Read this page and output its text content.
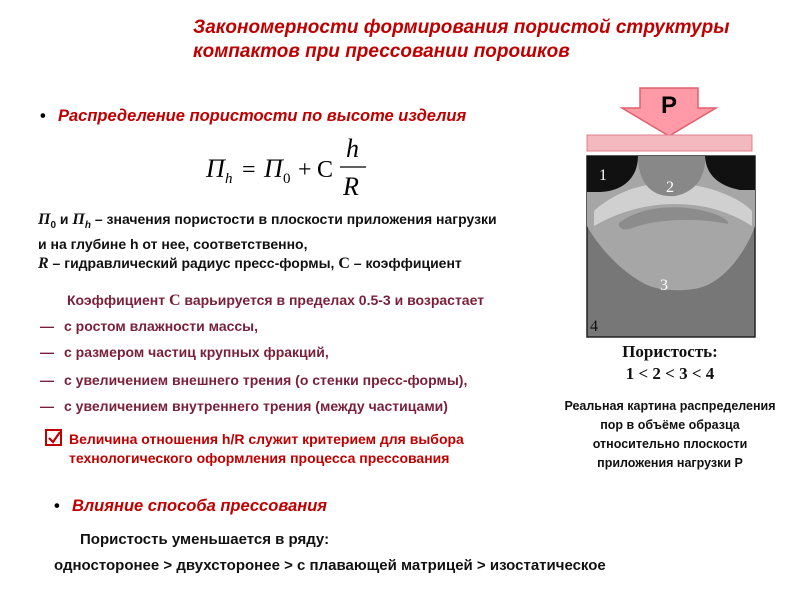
Закономерности формирования пористой структуры
компактов при прессовании порошков
• Распределение пористости по высоте изделия
Π h = Π 0 + C
h
R
$\Pi_0$ и $\Pi_h$ – значения пористости в плоскости приложения нагрузки
и на глубине h от нее, соответственно,
R – гидравлический радиус пресс-формы, C – коэффициент
Коэффициент C варьируется в пределах 0.5-3 и возрастает
— с ростом влажности массы,
— с размером частиц крупных фракций,
— с увеличением внешнего трения (о стенки пресс-формы),
— с увеличением внутреннего трения (между частицами)
Величина отношения h/R служит критерием для выбора
технологического оформления процесса прессования
• Влияние способа прессования
Пористость уменьшается в ряду:
односторонее > двухсторонее > с плавающей матрицей > изостатическое
P
1
2
3
4
Пористость:
1 < 2 < 3 < 4
Реальная картина распределения
пор в объёме образца
относительно плоскости
приложения нагрузки P
